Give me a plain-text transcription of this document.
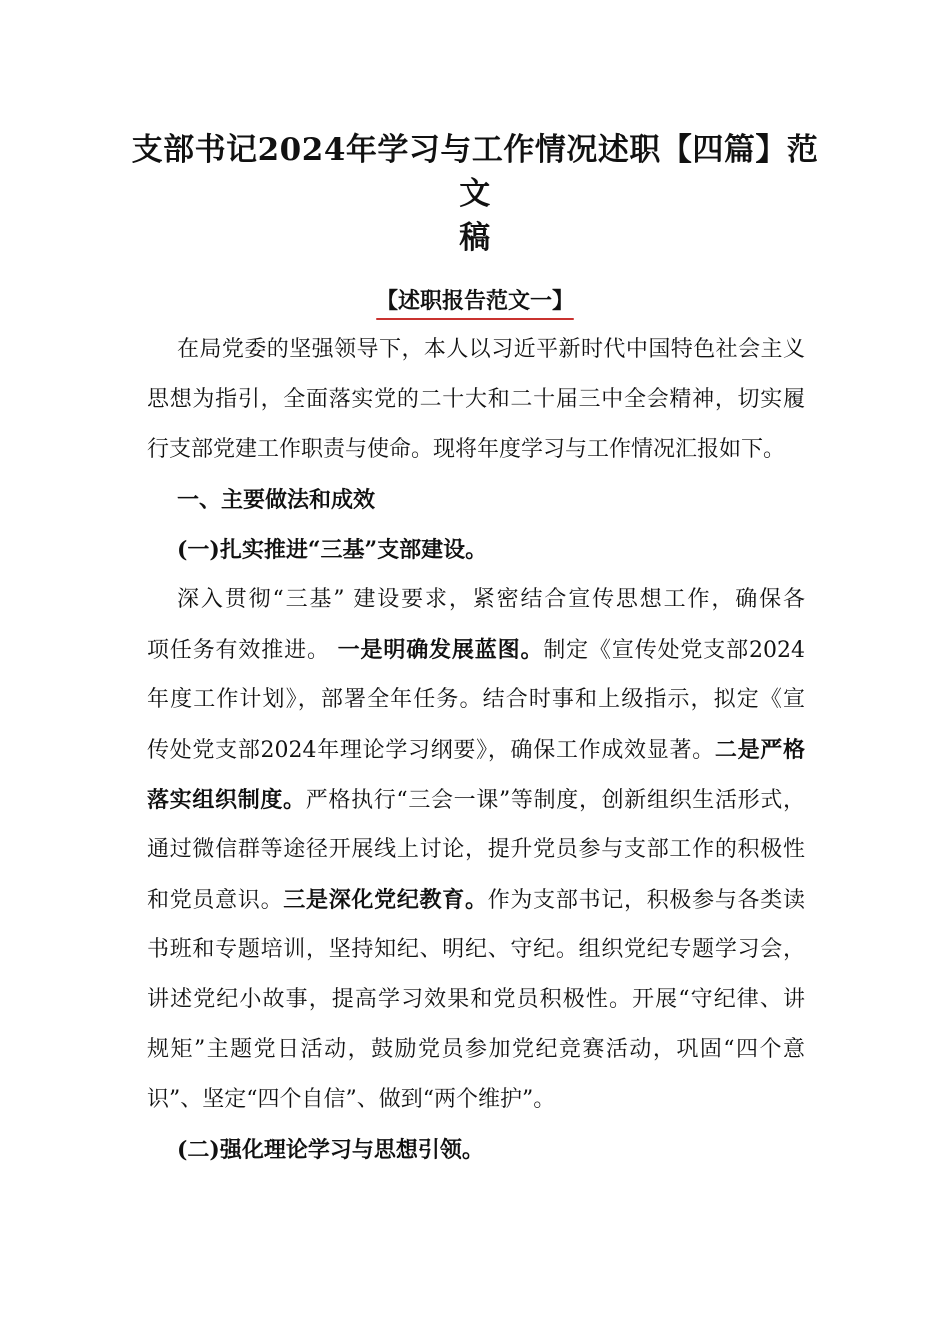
支部书记2024年学习与工作情况述职【四篇】范文
稿
【述职报告范文一】
在局党委的坚强领导下，本人以习近平新时代中国特色社会主义
思想为指引，全面落实党的二十大和二十届三中全会精神，切实履
行支部党建工作职责与使命。现将年度学习与工作情况汇报如下。
一、主要做法和成效
(一)扎实推进“三基”支部建设。
深入贯彻“三基” 建设要求，紧密结合宣传思想工作，确保各
项任务有效推进。 一是明确发展蓝图。制定《宣传处党支部2024
年度工作计划》，部署全年任务。结合时事和上级指示，拟定《宣
传处党支部2024年理论学习纲要》，确保工作成效显著。二是严格
落实组织制度。严格执行“三会一课”等制度，创新组织生活形式，
通过微信群等途径开展线上讨论，提升党员参与支部工作的积极性
和党员意识。三是深化党纪教育。作为支部书记，积极参与各类读
书班和专题培训，坚持知纪、明纪、守纪。组织党纪专题学习会，
讲述党纪小故事，提高学习效果和党员积极性。开展“守纪律、讲
规矩”主题党日活动，鼓励党员参加党纪竞赛活动，巩固“四个意
识”、坚定“四个自信”、做到“两个维护”。
(二)强化理论学习与思想引领。
